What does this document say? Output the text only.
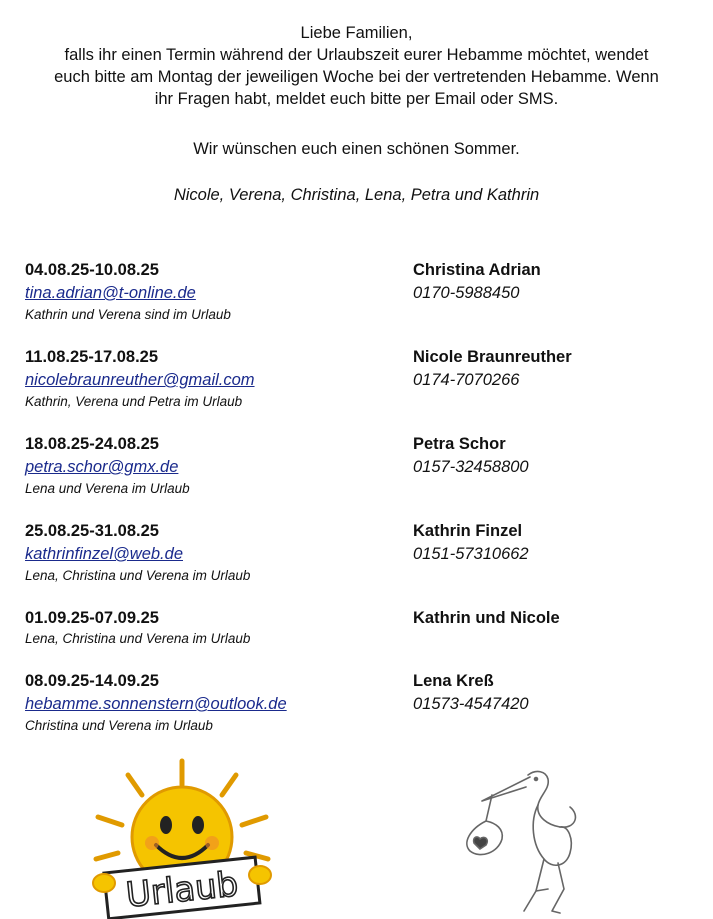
Liebe Familien,

falls ihr einen Termin während der Urlaubszeit eurer Hebamme möchtet, wendet

euch bitte am Montag der jeweiligen Woche bei der vertretenden Hebamme. Wenn

ihr Fragen habt, meldet euch bitte per Email oder SMS.

Wir wünschen euch einen schönen Sommer.
Nicole, Verena, Christina, Lena, Petra und Kathrin
04.08.25-10.08.25
tina.adrian@t-online.de
Kathrin und Verena sind im Urlaub
Christina Adrian
0170-5988450
11.08.25-17.08.25
nicolebraunreuther@gmail.com
Kathrin, Verena und Petra im Urlaub
Nicole Braunreuther
0174-7070266
18.08.25-24.08.25
petra.schor@gmx.de
Lena und Verena im Urlaub
Petra Schor
0157-32458800
25.08.25-31.08.25
kathrinfinzel@web.de
Lena, Christina und Verena im Urlaub
Kathrin Finzel
0151-57310662
01.09.25-07.09.25
Lena, Christina und Verena im Urlaub
Kathrin und Nicole
08.09.25-14.09.25
hebamme.sonnenstern@outlook.de
Christina und Verena im Urlaub
Lena Kreß
01573-4547420
Urlaub
